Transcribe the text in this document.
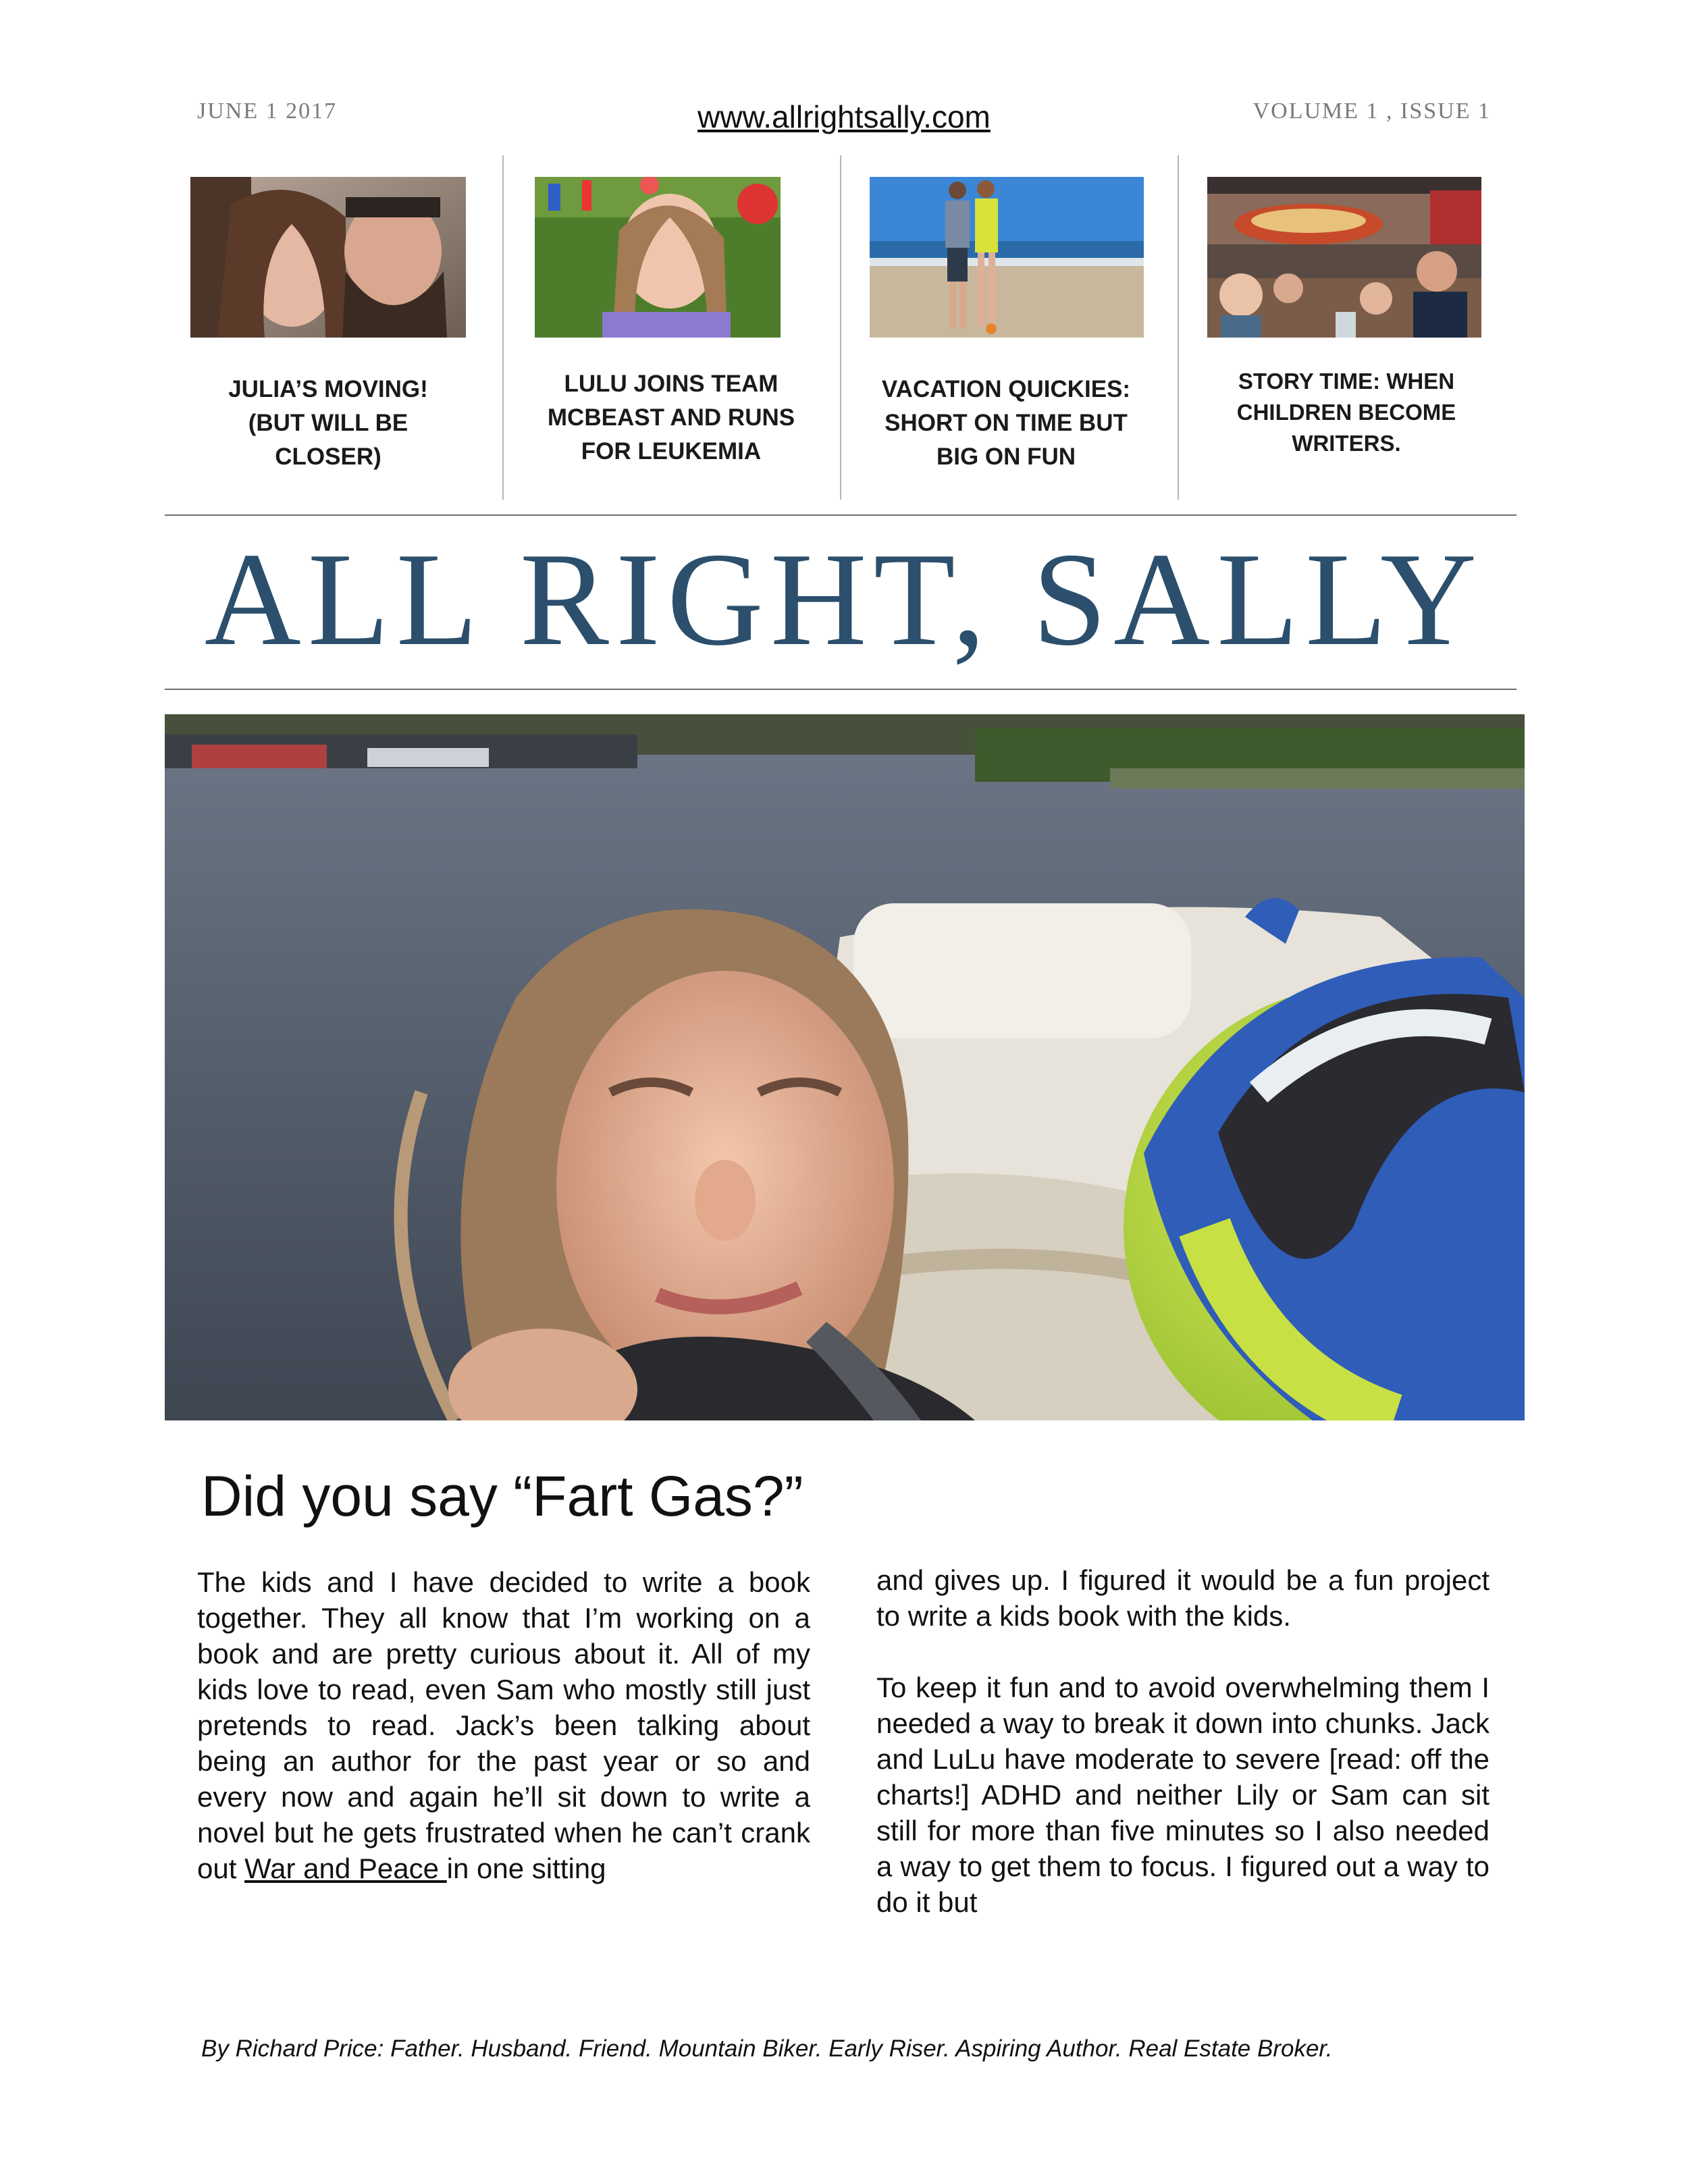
JUNE 1 2017	www.allrightsally.com	VOLUME 1 , ISSUE 1
JULIA’S MOVING!
(BUT WILL BE
CLOSER)
LULU JOINS TEAM
MCBEAST AND RUNS
FOR LEUKEMIA
VACATION QUICKIES:
SHORT ON TIME BUT
BIG ON FUN
STORY TIME: WHEN
CHILDREN BECOME
WRITERS.
ALL RIGHT, SALLY
Did you say “Fart Gas?”

The kids and I have decided to write a book together. They all know that I’m working on a book and are pretty curious about it. All of my kids love to read, even Sam who mostly still just pretends to read. Jack’s been talking about being an author for the past year or so and every now and again he’ll sit down to write a novel but he gets frustrated when he can’t crank out War and Peace in one sitting

and gives up. I figured it would be a fun project to write a kids book with the kids.

To keep it fun and to avoid overwhelming them I needed a way to break it down into chunks. Jack and LuLu have moderate to severe [read: off the charts!] ADHD and neither Lily or Sam can sit still for more than five minutes so I also needed a way to get them to focus. I figured out a way to do it but

By Richard Price: Father. Husband. Friend. Mountain Biker. Early Riser. Aspiring Author. Real Estate Broker.
